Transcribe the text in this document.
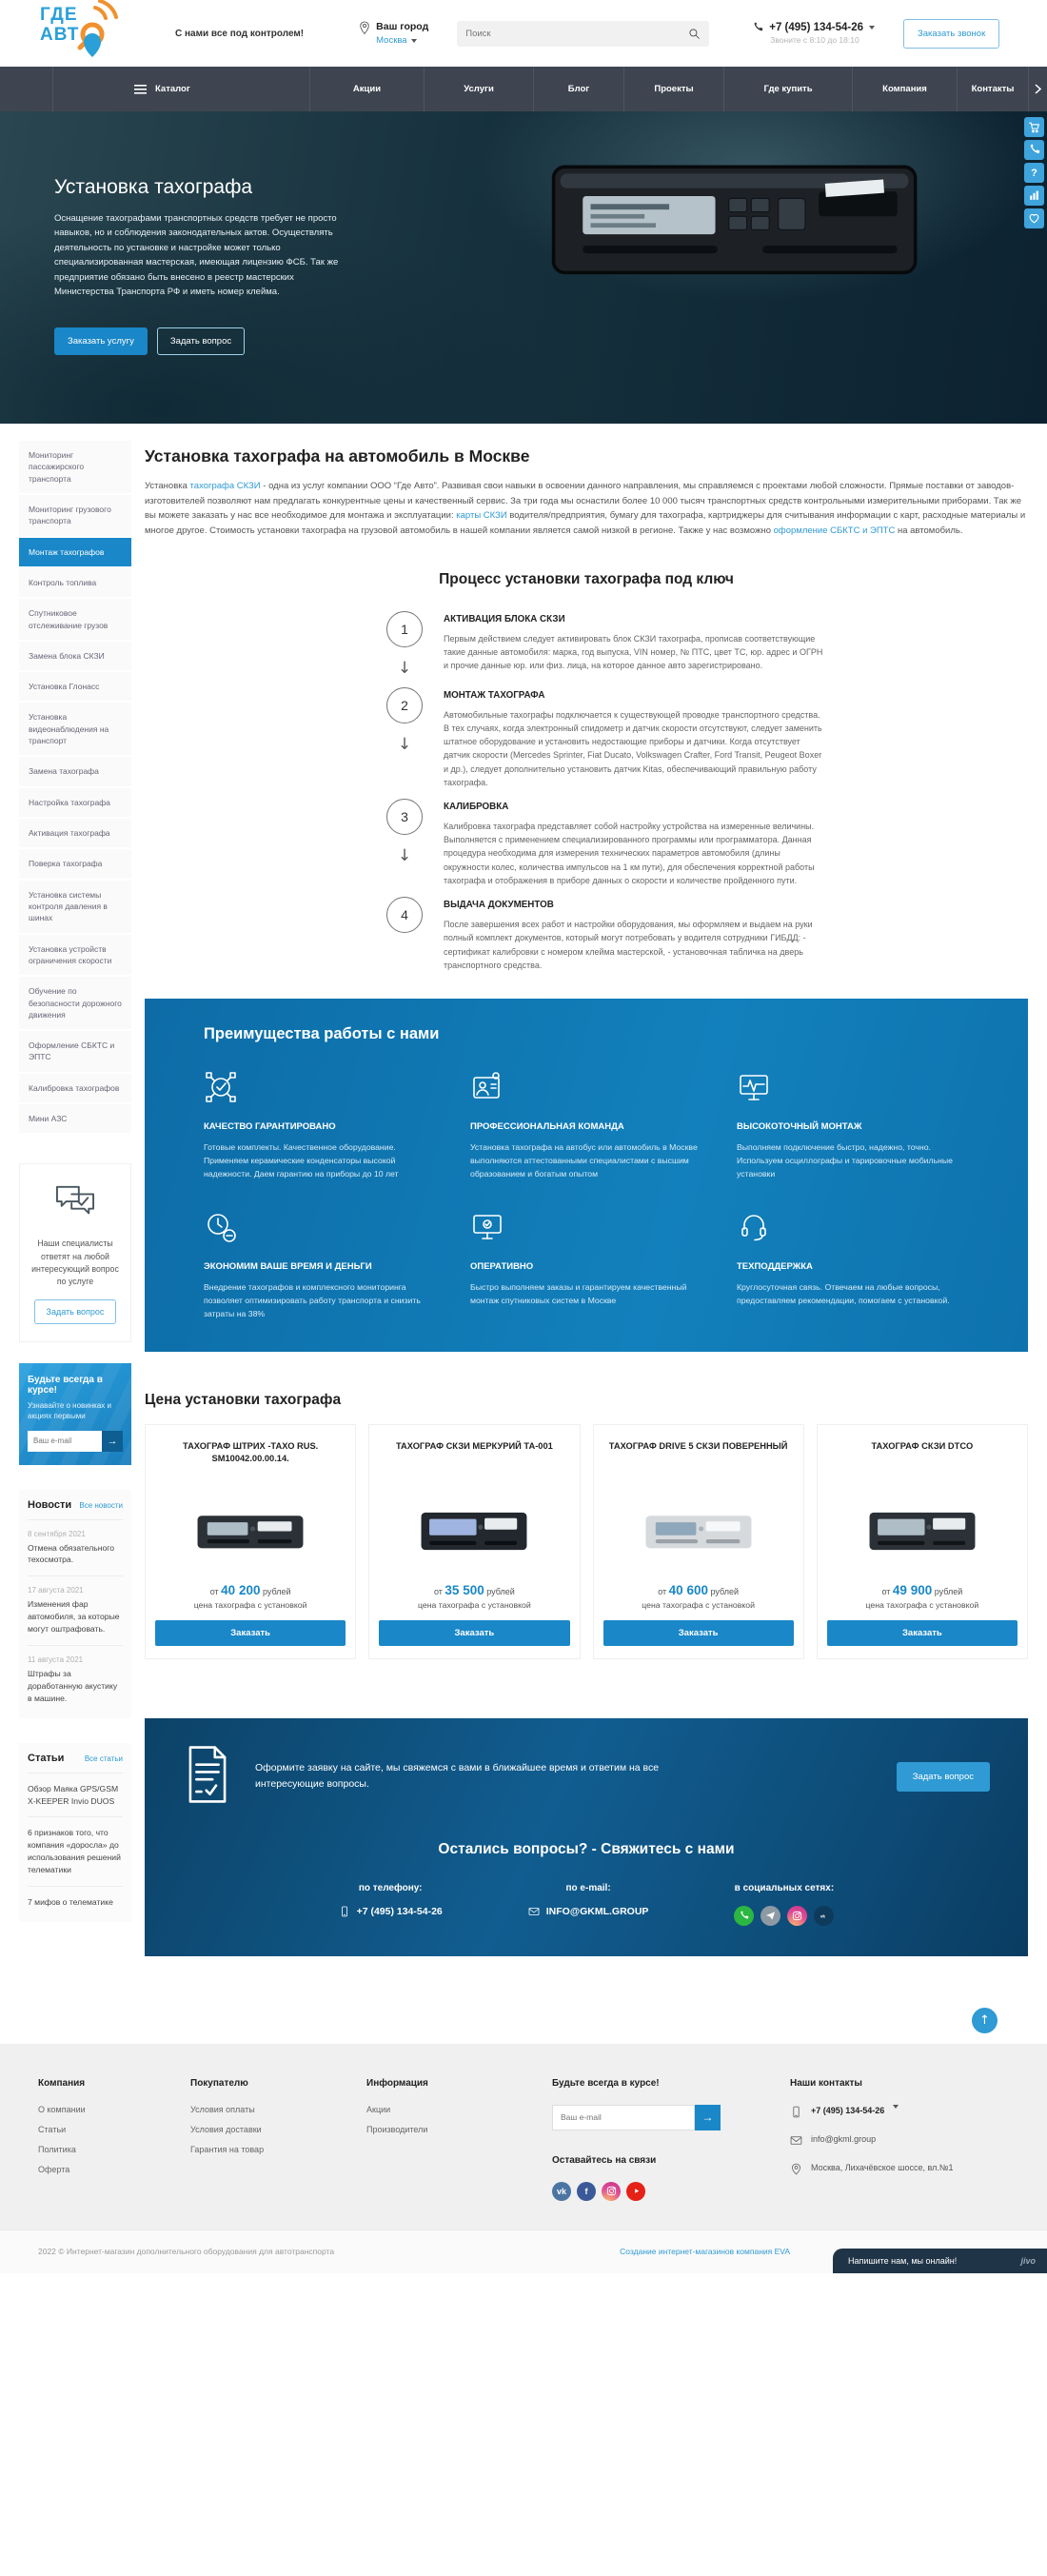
ГДЕ
АВТ	С нами все под контролем!
Ваш город
Москва
Поиск
+7 (495) 134-54-26
Звоните с 8:10 до 18:10
Заказать звонок
Каталог	Акции	Услуги	Блог	Проекты	Где купить	Компания	Контакты
?
Установка тахографа

Оснащение тахографами транспортных средств требует не просто навыков, но и соблюдения законодательных актов. Осуществлять деятельность по установке и настройке может только специализированная мастерская, имеющая лицензию ФСБ. Так же предприятие обязано быть внесено в реестр мастерских Министерства Транспорта РФ и иметь номер клейма.

Заказать услугу	Задать вопрос
Мониторинг пассажирского транспорта
Мониторинг грузового транспорта
Монтаж тахографов
Контроль топлива
Спутниковое отслеживание грузов
Замена блока СКЗИ
Установка Глонасс
Установка видеонаблюдения на транспорт
Замена тахографа
Настройка тахографа
Активация тахографа
Поверка тахографа
Установка системы контроля давления в шинах
Установка устройств ограничения скорости
Обучение по безопасности дорожного движения
Оформление СБКТС и ЭПТС
Калибровка тахографов
Мини АЗС
Наши специалисты ответят на любой интересующий вопрос по услуге
Задать вопрос
Будьте всегда в курсе!
Узнавайте о новинках и акциях первыми
Ваш e-mail
→
Новости Все новости
8 сентября 2021
Отмена обязательного техосмотра.
17 августа 2021
Изменения фар автомобиля, за которые могут оштрафовать.
11 августа 2021
Штрафы за доработанную акустику в машине.
Статьи	Все статьи
Обзор Маяка GPS/GSM X-KEEPER Invio DUOS
6 признаков того, что компания «доросла» до использования решений телематики
7 мифов о телематике
Установка тахографа на автомобиль в Москве

Установка тахографа СКЗИ - одна из услуг компании ООО “Где Авто”. Развивая свои навыки в освоении данного направления, мы справляемся с проектами любой сложности. Прямые поставки от заводов-изготовителей позволяют нам предлагать конкурентные цены и качественный сервис. За три года мы оснастили более 10 000 тысяч транспортных средств контрольными измерительными приборами. Так же вы можете заказать у нас все необходимое для монтажа и эксплуатации: карты СКЗИ водителя/предприятия, бумагу для тахографа, картриджеры для считывания информации с карт, расходные материалы и многое другое. Стоимость установки тахографа на грузовой автомобиль в нашей компании является самой низкой в регионе. Также у нас возможно оформление СБКТС и ЭПТС на автомобиль.

Процесс установки тахографа под ключ
1
↓
АКТИВАЦИЯ БЛОКА СКЗИ
Первым действием следует активировать блок СКЗИ тахографа, прописав соответствующие такие данные автомобиля: марка, год выпуска, VIN номер, № ПТС, цвет ТС, юр. адрес и ОГРН и прочие данные юр. или физ. лица, на которое данное авто зарегистрировано.
2
↓
МОНТАЖ ТАХОГРАФА
Автомобильные тахографы подключается к существующей проводке транспортного средства. В тех случаях, когда электронный спидометр и датчик скорости отсутствуют, следует заменить штатное оборудование и установить недостающие приборы и датчики. Когда отсутствует датчик скорости (Mercedes Sprinter, Fiat Ducato, Volkswagen Crafter, Ford Transit, Peugeot Boxer и др.), следует дополнительно установить датчик Kitas, обеспечивающий правильную работу тахографа.
3
↓
КАЛИБРОВКА
Калибровка тахографа представляет собой настройку устройства на измеренные величины. Выполняется с применением специализированного программы или программатора. Данная процедура необходима для измерения технических параметров автомобиля (длины окружности колес, количества импульсов на 1 км пути), для обеспечения корректной работы тахографа и отображения в приборе данных о скорости и количестве пройденного пути.
4
ВЫДАЧА ДОКУМЕНТОВ
После завершения всех работ и настройки оборудования, мы оформляем и выдаем на руки полный комплект документов, который могут потребовать у водителя сотрудники ГИБДД: - сертификат калибровки с номером клейма мастерской, - установочная табличка на дверь транспортного средства.
Преимущества работы с нами
КАЧЕСТВО ГАРАНТИРОВАНО
Готовые комплекты. Качественное оборудование. Применяем керамические конденсаторы высокой надежности. Даем гарантию на приборы до 10 лет
ПРОФЕССИОНАЛЬНАЯ КОМАНДА
Установка тахографа на автобус или автомобиль в Москве выполняются аттестованными специалистами с высшим образованием и богатым опытом
ВЫСОКОТОЧНЫЙ МОНТАЖ
Выполняем подключение быстро, надежно, точно. Используем осциллографы и тарировочные мобильные установки
ЭКОНОМИМ ВАШЕ ВРЕМЯ И ДЕНЬГИ
Внедрение тахографов и комплексного мониторинга позволяет оптимизировать работу транспорта и снизить затраты на 38%
ОПЕРАТИВНО
Быстро выполняем заказы и гарантируем качественный монтаж спутниковых систем в Москве
ТЕХПОДДЕРЖКА
Круглосуточная связь. Отвечаем на любые вопросы, предоставляем рекомендации, помогаем с установкой.
Цена установки тахографа
ТАХОГРАФ ШТРИХ -ТАХО RUS. SM10042.00.00.14.
от 40 200 рублей
цена тахографа с установкой
Заказать
ТАХОГРАФ СКЗИ МЕРКУРИЙ ТА-001
от 35 500 рублей
цена тахографа с установкой
Заказать
ТАХОГРАФ DRIVE 5 СКЗИ ПОВЕРЕННЫЙ
от 40 600 рублей
цена тахографа с установкой
Заказать
ТАХОГРАФ СКЗИ DTCO
от 49 900 рублей
цена тахографа с установкой
Заказать
Оформите заявку на сайте, мы свяжемся с вами в ближайшее время и ответим на все интересующие вопросы.
Задать вопрос
Остались вопросы? - Свяжитесь с нами
по телефону:
+7 (495) 134-54-26
по e-mail:
INFO@GKML.GROUP
в социальных сетях:
vk
↑
Компания
О компании
Статьи
Политика
Оферта
Покупателю
Условия оплаты
Условия доставки
Гарантия на товар
Информация
Акции
Производители
Будьте всегда в курсе!
Ваш e-mail
→
Оставайтесь на связи
vk f
Наши контакты
+7 (495) 134-54-26
info@gkml.group
Москва, Лихачёвское шоссе, вл.№1
2022 © Интернет-магазин дополнительного оборудования для автотранспорта	Создание интернет-магазинов компания EVA
Напишите нам, мы онлайн!	jivo
